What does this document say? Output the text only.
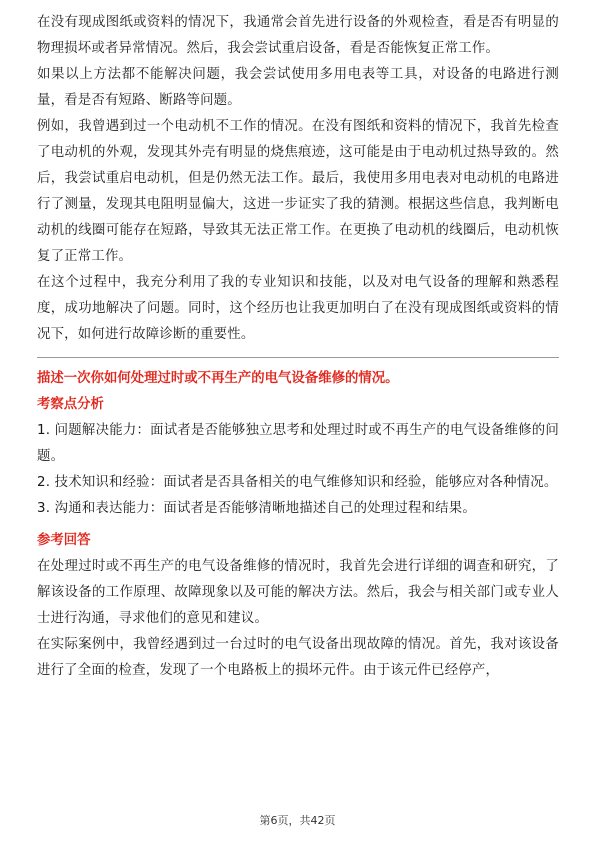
在没有现成图纸或资料的情况下，我通常会首先进行设备的外观检查，看是否有明显的物理损坏或者异常情况。然后，我会尝试重启设备，看是否能恢复正常工作。

如果以上方法都不能解决问题，我会尝试使用多用电表等工具，对设备的电路进行测量，看是否有短路、断路等问题。

例如，我曾遇到过一个电动机不工作的情况。在没有图纸和资料的情况下，我首先检查了电动机的外观，发现其外壳有明显的烧焦痕迹，这可能是由于电动机过热导致的。然后，我尝试重启电动机，但是仍然无法工作。最后，我使用多用电表对电动机的电路进行了测量，发现其电阻明显偏大，这进一步证实了我的猜测。根据这些信息，我判断电动机的线圈可能存在短路，导致其无法正常工作。在更换了电动机的线圈后，电动机恢复了正常工作。

在这个过程中，我充分利用了我的专业知识和技能，以及对电气设备的理解和熟悉程度，成功地解决了问题。同时，这个经历也让我更加明白了在没有现成图纸或资料的情况下，如何进行故障诊断的重要性。

描述一次你如何处理过时或不再生产的电气设备维修的情况。

考察点分析

1. 问题解决能力：面试者是否能够独立思考和处理过时或不再生产的电气设备维修的问题。

2. 技术知识和经验：面试者是否具备相关的电气维修知识和经验，能够应对各种情况。

3. 沟通和表达能力：面试者是否能够清晰地描述自己的处理过程和结果。

参考回答

在处理过时或不再生产的电气设备维修的情况时，我首先会进行详细的调查和研究，了解该设备的工作原理、故障现象以及可能的解决方法。然后，我会与相关部门或专业人士进行沟通，寻求他们的意见和建议。

在实际案例中，我曾经遇到过一台过时的电气设备出现故障的情况。首先，我对该设备进行了全面的检查，发现了一个电路板上的损坏元件。由于该元件已经停产，

第6页，共42页
